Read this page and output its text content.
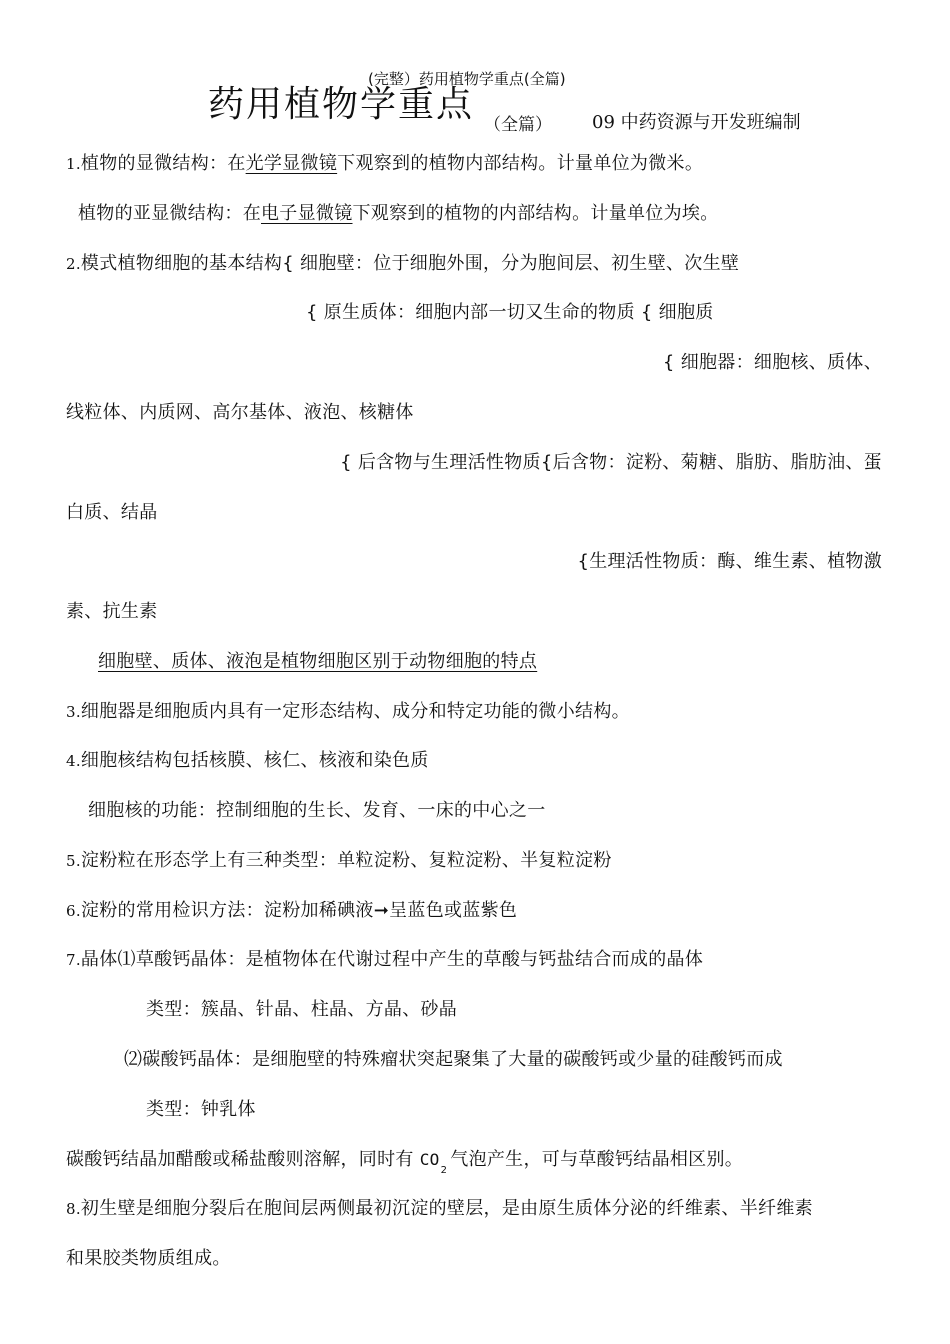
(完整）药用植物学重点(全篇)
药用植物学重点 （全篇） 09 中药资源与开发班编制
1.植物的显微结构：在光学显微镜下观察到的植物内部结构。计量单位为微米。
植物的亚显微结构：在电子显微镜下观察到的植物的内部结构。计量单位为埃。
2.模式植物细胞的基本结构{ 细胞壁：位于细胞外围，分为胞间层、初生壁、次生壁
{ 原生质体：细胞内部一切又生命的物质 { 细胞质
{ 细胞器：细胞核、质体、
线粒体、内质网、高尔基体、液泡、核糖体
{ 后含物与生理活性物质{后含物：淀粉、菊糖、脂肪、脂肪油、蛋
白质、结晶
{生理活性物质：酶、维生素、植物激
素、抗生素
细胞壁、质体、液泡是植物细胞区别于动物细胞的特点
3.细胞器是细胞质内具有一定形态结构、成分和特定功能的微小结构。
4.细胞核结构包括核膜、核仁、核液和染色质
细胞核的功能：控制细胞的生长、发育、一床的中心之一
5.淀粉粒在形态学上有三种类型：单粒淀粉、复粒淀粉、半复粒淀粉
6.淀粉的常用检识方法：淀粉加稀碘液➞呈蓝色或蓝紫色
7.晶体⑴草酸钙晶体：是植物体在代谢过程中产生的草酸与钙盐结合而成的晶体
类型：簇晶、针晶、柱晶、方晶、砂晶
⑵碳酸钙晶体：是细胞壁的特殊瘤状突起聚集了大量的碳酸钙或少量的硅酸钙而成
类型：钟乳体
碳酸钙结晶加醋酸或稀盐酸则溶解，同时有 $CO_2$气泡产生，可与草酸钙结晶相区别。
8.初生壁是细胞分裂后在胞间层两侧最初沉淀的壁层，是由原生质体分泌的纤维素、半纤维素
和果胶类物质组成。
